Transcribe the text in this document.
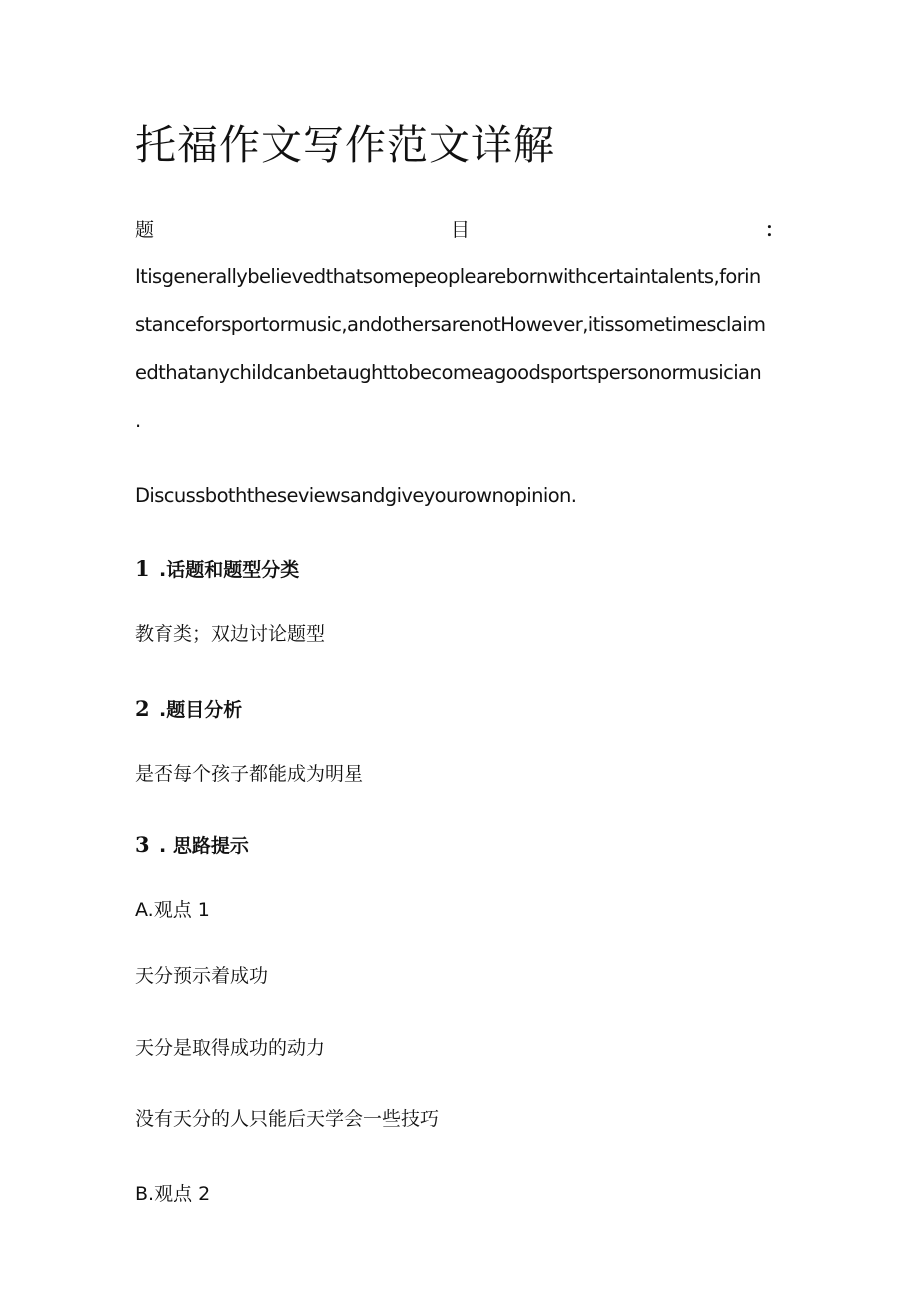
托福作文写作范文详解
题	目	：

Itisgenerallybelievedthatsomepeoplearebornwithcertaintalents,forin

stanceforsportormusic,andothersarenotHowever,itissometimesclaim

edthatanychildcanbetaughttobecomeagoodsportspersonormusician

.

Discussboththeseviewsandgiveyourownopinion.

1 .话题和题型分类

教育类；双边讨论题型

2 .题目分析

是否每个孩子都能成为明星

3 . 思路提示

A.观点 1

天分预示着成功

天分是取得成功的动力

没有天分的人只能后天学会一些技巧

B.观点 2
